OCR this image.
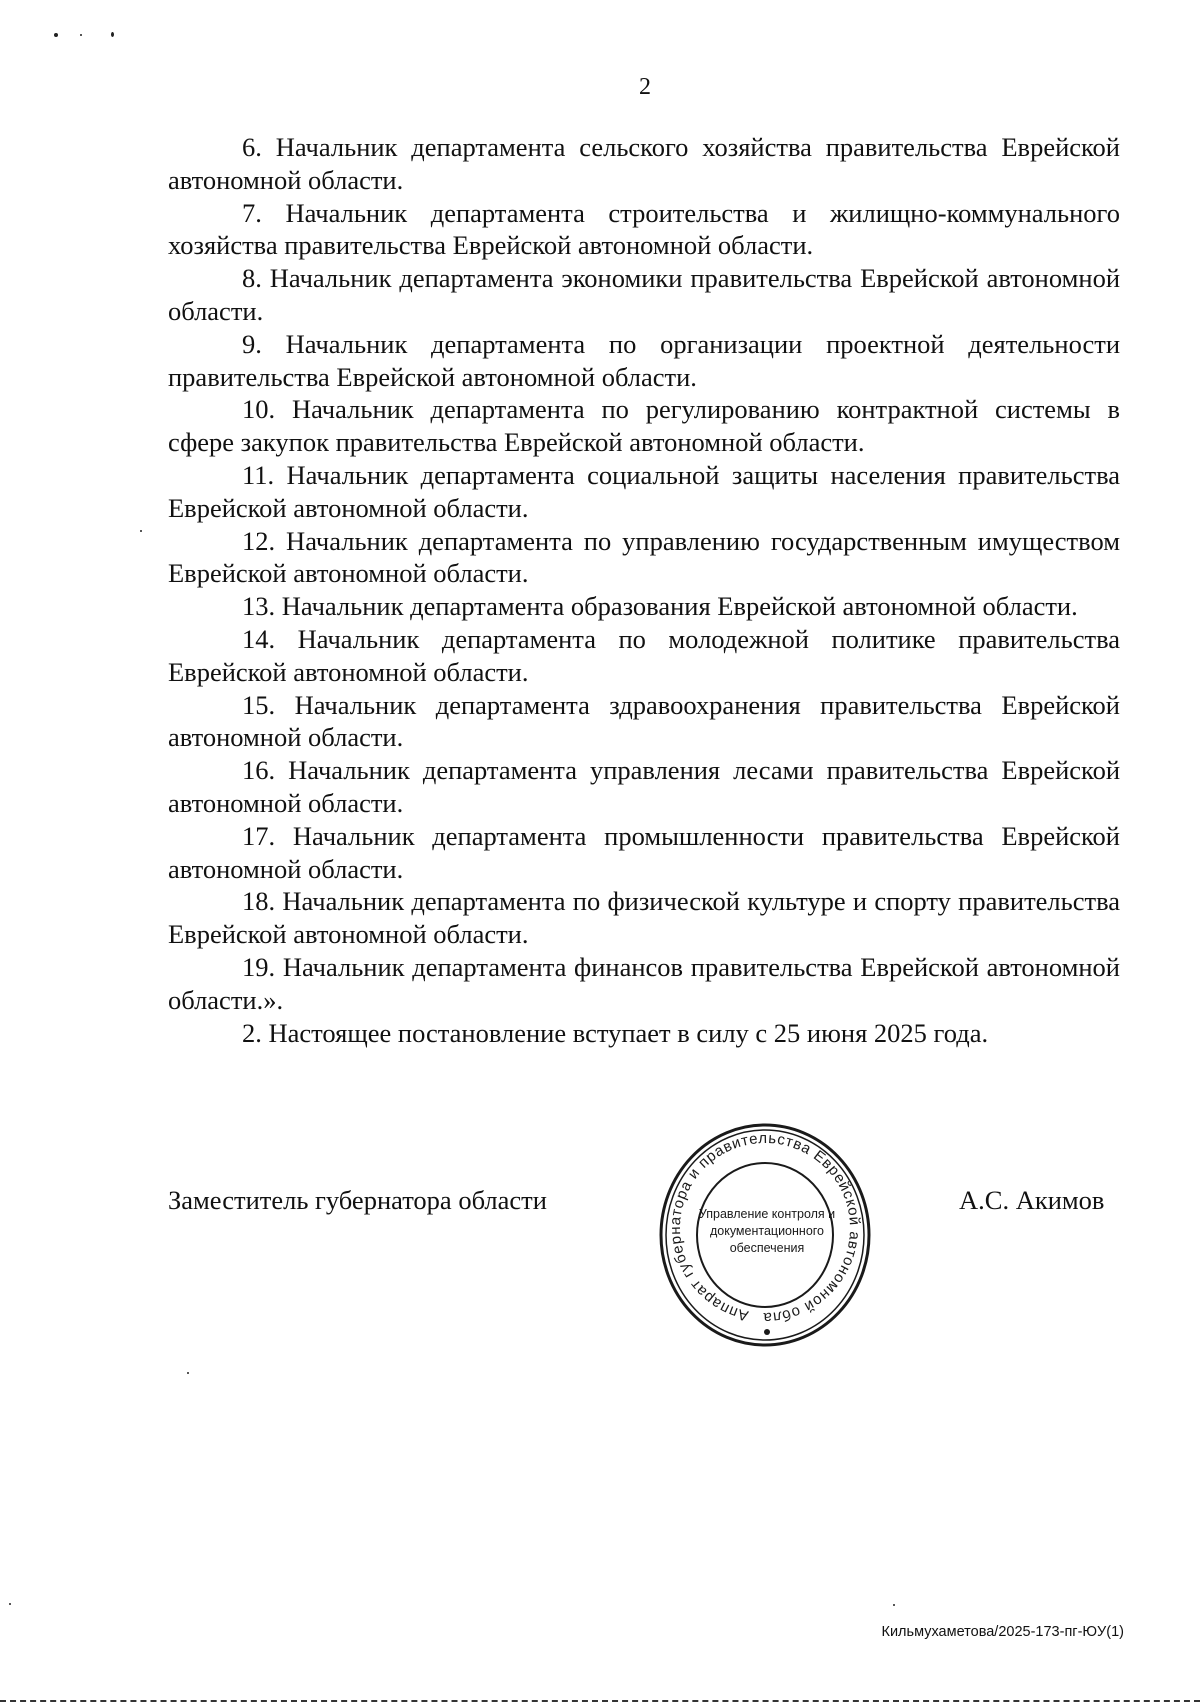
2

6. Начальник департамента сельского хозяйства правительства Еврейской автономной области.

7. Начальник департамента строительства и жилищно-коммунального хозяйства правительства Еврейской автономной области.

8. Начальник департамента экономики правительства Еврейской автономной области.

9. Начальник департамента по организации проектной деятельности правительства Еврейской автономной области.

10. Начальник департамента по регулированию контрактной системы в сфере закупок правительства Еврейской автономной области.

11. Начальник департамента социальной защиты населения правительства Еврейской автономной области.

12. Начальник департамента по управлению государственным имуществом Еврейской автономной области.

13. Начальник департамента образования Еврейской автономной области.

14. Начальник департамента по молодежной политике правительства Еврейской автономной области.

15. Начальник департамента здравоохранения правительства Еврейской автономной области.

16. Начальник департамента управления лесами правительства Еврейской автономной области.

17. Начальник департамента промышленности правительства Еврейской автономной области.

18. Начальник департамента по физической культуре и спорту правительства Еврейской автономной области.

19. Начальник департамента финансов правительства Еврейской автономной области.».

2. Настоящее постановление вступает в силу с 25 июня 2025 года.

Заместитель губернатора области
Аппарат губернатора и правительства Еврейской автономной обла
Управление контроля и
документационного
обеспечения
А.С. Акимов
Кильмухаметова/2025-173-пг-ЮУ(1)
